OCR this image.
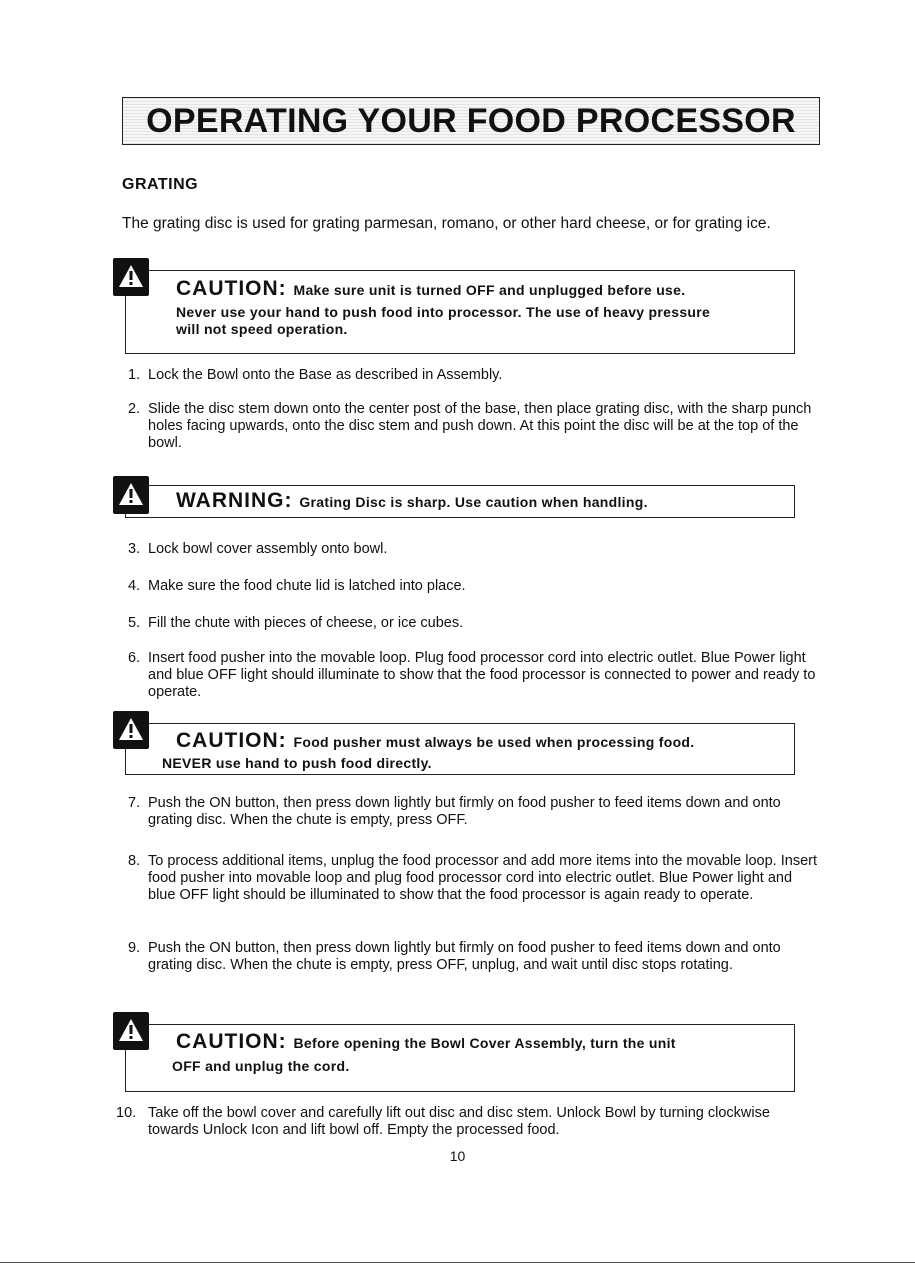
OPERATING YOUR FOOD PROCESSOR
GRATING
The grating disc is used for grating parmesan, romano, or other hard cheese, or for grating ice.
CAUTION: Make sure unit is turned OFF and unplugged before use.
Never use your hand to push food into processor. The use of heavy pressure will not speed operation.
1. Lock the Bowl onto the Base as described in Assembly.
2. Slide the disc stem down onto the center post of the base, then place grating disc, with the sharp punch holes facing upwards, onto the disc stem and push down. At this point the disc will be at the top of the bowl.
WARNING: Grating Disc is sharp. Use caution when handling.
3. Lock bowl cover assembly onto bowl.
4. Make sure the food chute lid is latched into place.
5. Fill the chute with pieces of cheese, or ice cubes.
6. Insert food pusher into the movable loop. Plug food processor cord into electric outlet. Blue Power light and blue OFF light should illuminate to show that the food processor is connected to power and ready to operate.
CAUTION: Food pusher must always be used when processing food.
NEVER use hand to push food directly.
7. Push the ON button, then press down lightly but firmly on food pusher to feed items down and onto grating disc. When the chute is empty, press OFF.
8. To process additional items, unplug the food processor and add more items into the movable loop. Insert food pusher into movable loop and plug food processor cord into electric outlet. Blue Power light and blue OFF light should be illuminated to show that the food processor is again ready to operate.
9. Push the ON button, then press down lightly but firmly on food pusher to feed items down and onto grating disc. When the chute is empty, press OFF, unplug, and wait until disc stops rotating.
CAUTION: Before opening the Bowl Cover Assembly, turn the unit
OFF and unplug the cord.
10. Take off the bowl cover and carefully lift out disc and disc stem. Unlock Bowl by turning clockwise towards Unlock Icon and lift bowl off. Empty the processed food.
10
